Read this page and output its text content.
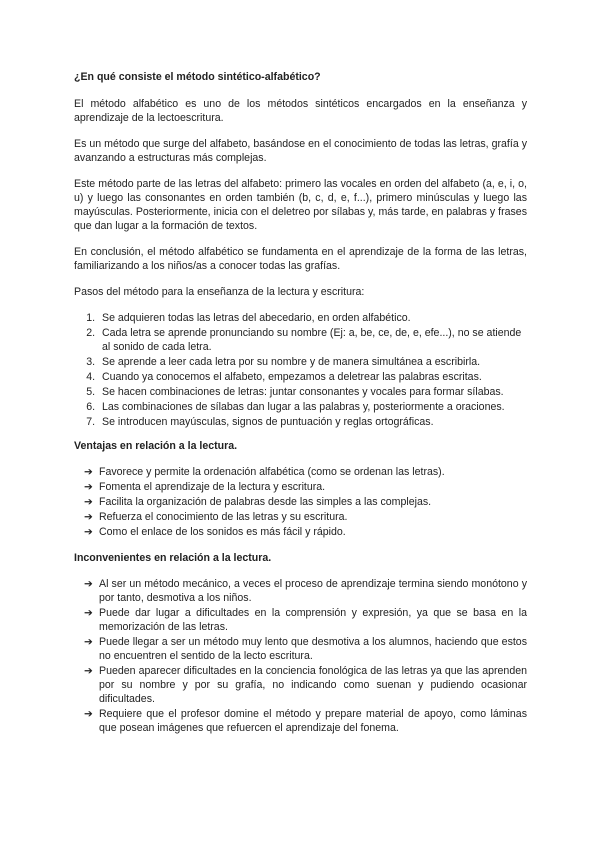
¿En qué consiste el método sintético-alfabético?

El método alfabético es uno de los métodos sintéticos encargados en la enseñanza y aprendizaje de la lectoescritura.

Es un método que surge del alfabeto, basándose en el conocimiento de todas las letras, grafía y avanzando a estructuras más complejas.

Este método parte de las letras del alfabeto: primero las vocales en orden del alfabeto (a, e, i, o, u) y luego las consonantes en orden también (b, c, d, e, f...), primero minúsculas y luego las mayúsculas. Posteriormente, inicia con el deletreo por sílabas y, más tarde, en palabras y frases que dan lugar a la formación de textos.

En conclusión, el método alfabético se fundamenta en el aprendizaje de la forma de las letras, familiarizando a los niños/as a conocer todas las grafías.

Pasos del método para la enseñanza de la lectura y escritura:

1. Se adquieren todas las letras del abecedario, en orden alfabético.
2. Cada letra se aprende pronunciando su nombre (Ej: a, be, ce, de, e, efe...), no se atiende al sonido de cada letra.
3. Se aprende a leer cada letra por su nombre y de manera simultánea a escribirla.
4. Cuando ya conocemos el alfabeto, empezamos a deletrear las palabras escritas.
5. Se hacen combinaciones de letras: juntar consonantes y vocales para formar sílabas.
6. Las combinaciones de sílabas dan lugar a las palabras y, posteriormente a oraciones.
7. Se introducen mayúsculas, signos de puntuación y reglas ortográficas.
Ventajas en relación a la lectura.
➔ Favorece y permite la ordenación alfabética (como se ordenan las letras).
➔ Fomenta el aprendizaje de la lectura y escritura.
➔ Facilita la organización de palabras desde las simples a las complejas.
➔ Refuerza el conocimiento de las letras y su escritura.
➔ Como el enlace de los sonidos es más fácil y rápido.
Inconvenientes en relación a la lectura.
➔ Al ser un método mecánico, a veces el proceso de aprendizaje termina siendo monótono y por tanto, desmotiva a los niños.
➔ Puede dar lugar a dificultades en la comprensión y expresión, ya que se basa en la memorización de las letras.
➔ Puede llegar a ser un método muy lento que desmotiva a los alumnos, haciendo que estos no encuentren el sentido de la lecto escritura.
➔ Pueden aparecer dificultades en la conciencia fonológica de las letras ya que las aprenden por su nombre y por su grafía, no indicando como suenan y pudiendo ocasionar dificultades.
➔ Requiere que el profesor domine el método y prepare material de apoyo, como láminas que posean imágenes que refuercen el aprendizaje del fonema.
